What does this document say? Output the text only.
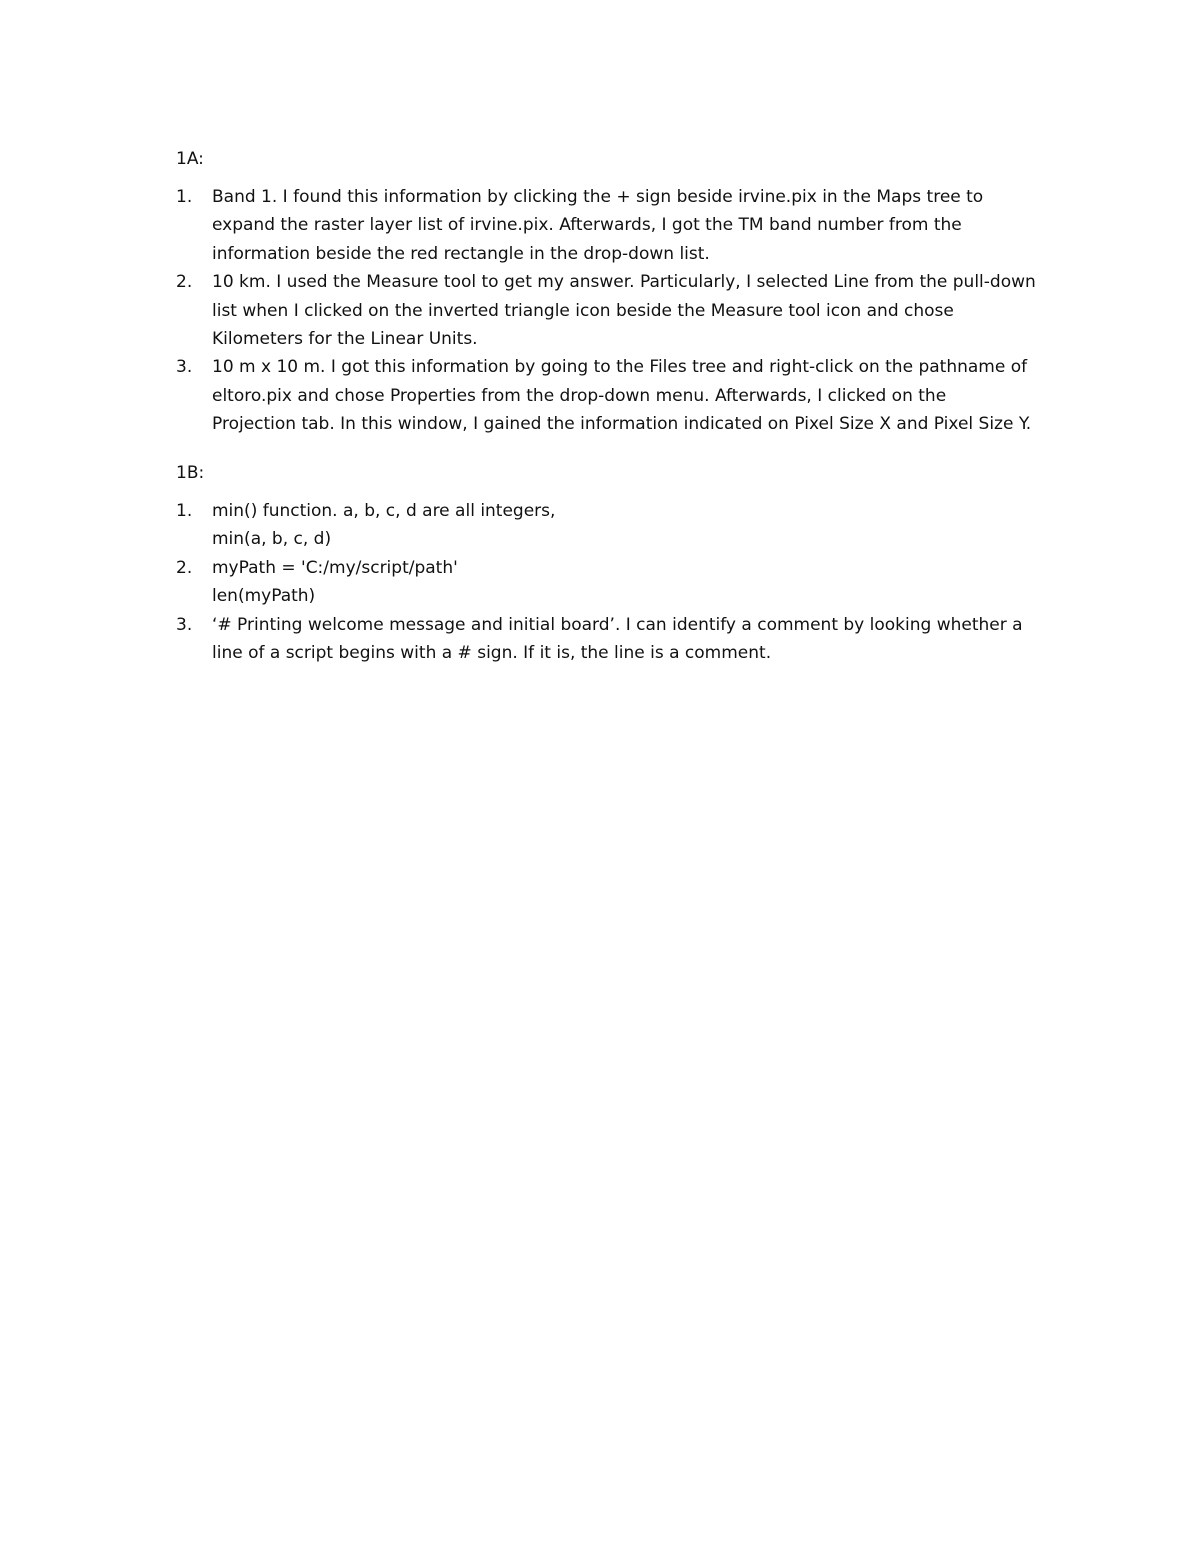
1A:
1.	Band 1. I found this information by clicking the + sign beside irvine.pix in the Maps tree to
expand the raster layer list of irvine.pix. Afterwards, I got the TM band number from the
information beside the red rectangle in the drop-down list.
2.	10 km. I used the Measure tool to get my answer. Particularly, I selected Line from the pull-down
list when I clicked on the inverted triangle icon beside the Measure tool icon and chose
Kilometers for the Linear Units.
3.	10 m x 10 m. I got this information by going to the Files tree and right-click on the pathname of
eltoro.pix and chose Properties from the drop-down menu. Afterwards, I clicked on the
Projection tab. In this window, I gained the information indicated on Pixel Size X and Pixel Size Y.
1B:
1.	min() function. a, b, c, d are all integers,
min(a, b, c, d)
2.	myPath = 'C:/my/script/path'
len(myPath)
3.	‘# Printing welcome message and initial board’. I can identify a comment by looking whether a
line of a script begins with a # sign. If it is, the line is a comment.
